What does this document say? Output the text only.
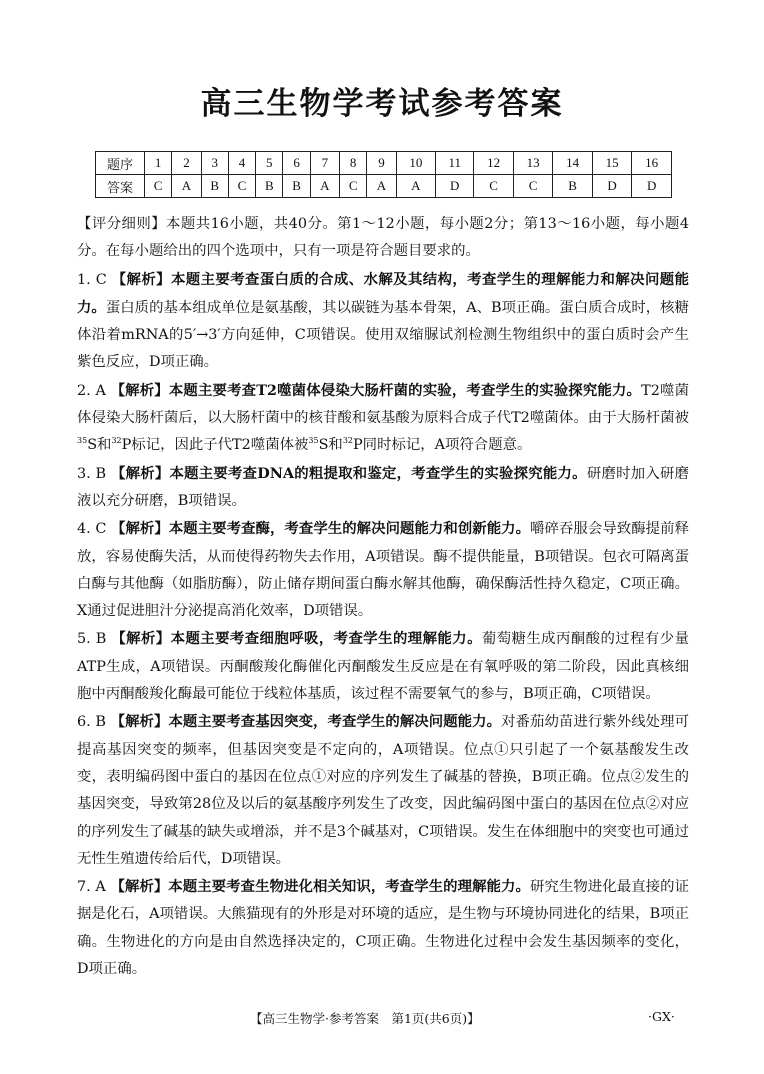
高三生物学考试参考答案
题序	1	2	3	4	5	6	7	8	9	10	11	12	13	14	15	16
答案	C	A	B	C	B	B	A	C	A	A	D	C	C	B	D	D

【评分细则】本题共16小题，共40分。第1～12小题，每小题2分；第13～16小题，每小题4分。在每小题给出的四个选项中，只有一项是符合题目要求的。

1. C 【解析】本题主要考查蛋白质的合成、水解及其结构，考查学生的理解能力和解决问题能力。蛋白质的基本组成单位是氨基酸，其以碳链为基本骨架，A、B项正确。蛋白质合成时，核糖体沿着mRNA的5′→3′方向延伸，C项错误。使用双缩脲试剂检测生物组织中的蛋白质时会产生紫色反应，D项正确。

2. A 【解析】本题主要考查T2噬菌体侵染大肠杆菌的实验，考查学生的实验探究能力。T2噬菌体侵染大肠杆菌后，以大肠杆菌中的核苷酸和氨基酸为原料合成子代T2噬菌体。由于大肠杆菌被$^{35}$S和$^{32}$P标记，因此子代T2噬菌体被$^{35}$S和$^{32}$P同时标记，A项符合题意。

3. B 【解析】本题主要考查DNA的粗提取和鉴定，考查学生的实验探究能力。研磨时加入研磨液以充分研磨，B项错误。

4. C 【解析】本题主要考查酶，考查学生的解决问题能力和创新能力。嚼碎吞服会导致酶提前释放，容易使酶失活，从而使得药物失去作用，A项错误。酶不提供能量，B项错误。包衣可隔离蛋白酶与其他酶（如脂肪酶），防止储存期间蛋白酶水解其他酶，确保酶活性持久稳定，C项正确。X通过促进胆汁分泌提高消化效率，D项错误。

5. B 【解析】本题主要考查细胞呼吸，考查学生的理解能力。葡萄糖生成丙酮酸的过程有少量ATP生成，A项错误。丙酮酸羧化酶催化丙酮酸发生反应是在有氧呼吸的第二阶段，因此真核细胞中丙酮酸羧化酶最可能位于线粒体基质，该过程不需要氧气的参与，B项正确，C项错误。

6. B 【解析】本题主要考查基因突变，考查学生的解决问题能力。对番茄幼苗进行紫外线处理可提高基因突变的频率，但基因突变是不定向的，A项错误。位点①只引起了一个氨基酸发生改变，表明编码图中蛋白的基因在位点①对应的序列发生了碱基的替换，B项正确。位点②发生的基因突变，导致第28位及以后的氨基酸序列发生了改变，因此编码图中蛋白的基因在位点②对应的序列发生了碱基的缺失或增添，并不是3个碱基对，C项错误。发生在体细胞中的突变也可通过无性生殖遗传给后代，D项错误。

7. A 【解析】本题主要考查生物进化相关知识，考查学生的理解能力。研究生物进化最直接的证据是化石，A项错误。大熊猫现有的外形是对环境的适应，是生物与环境协同进化的结果，B项正确。生物进化的方向是由自然选择决定的，C项正确。生物进化过程中会发生基因频率的变化，D项正确。

【高三生物学·参考答案　第1页(共6页)】	·GX·
